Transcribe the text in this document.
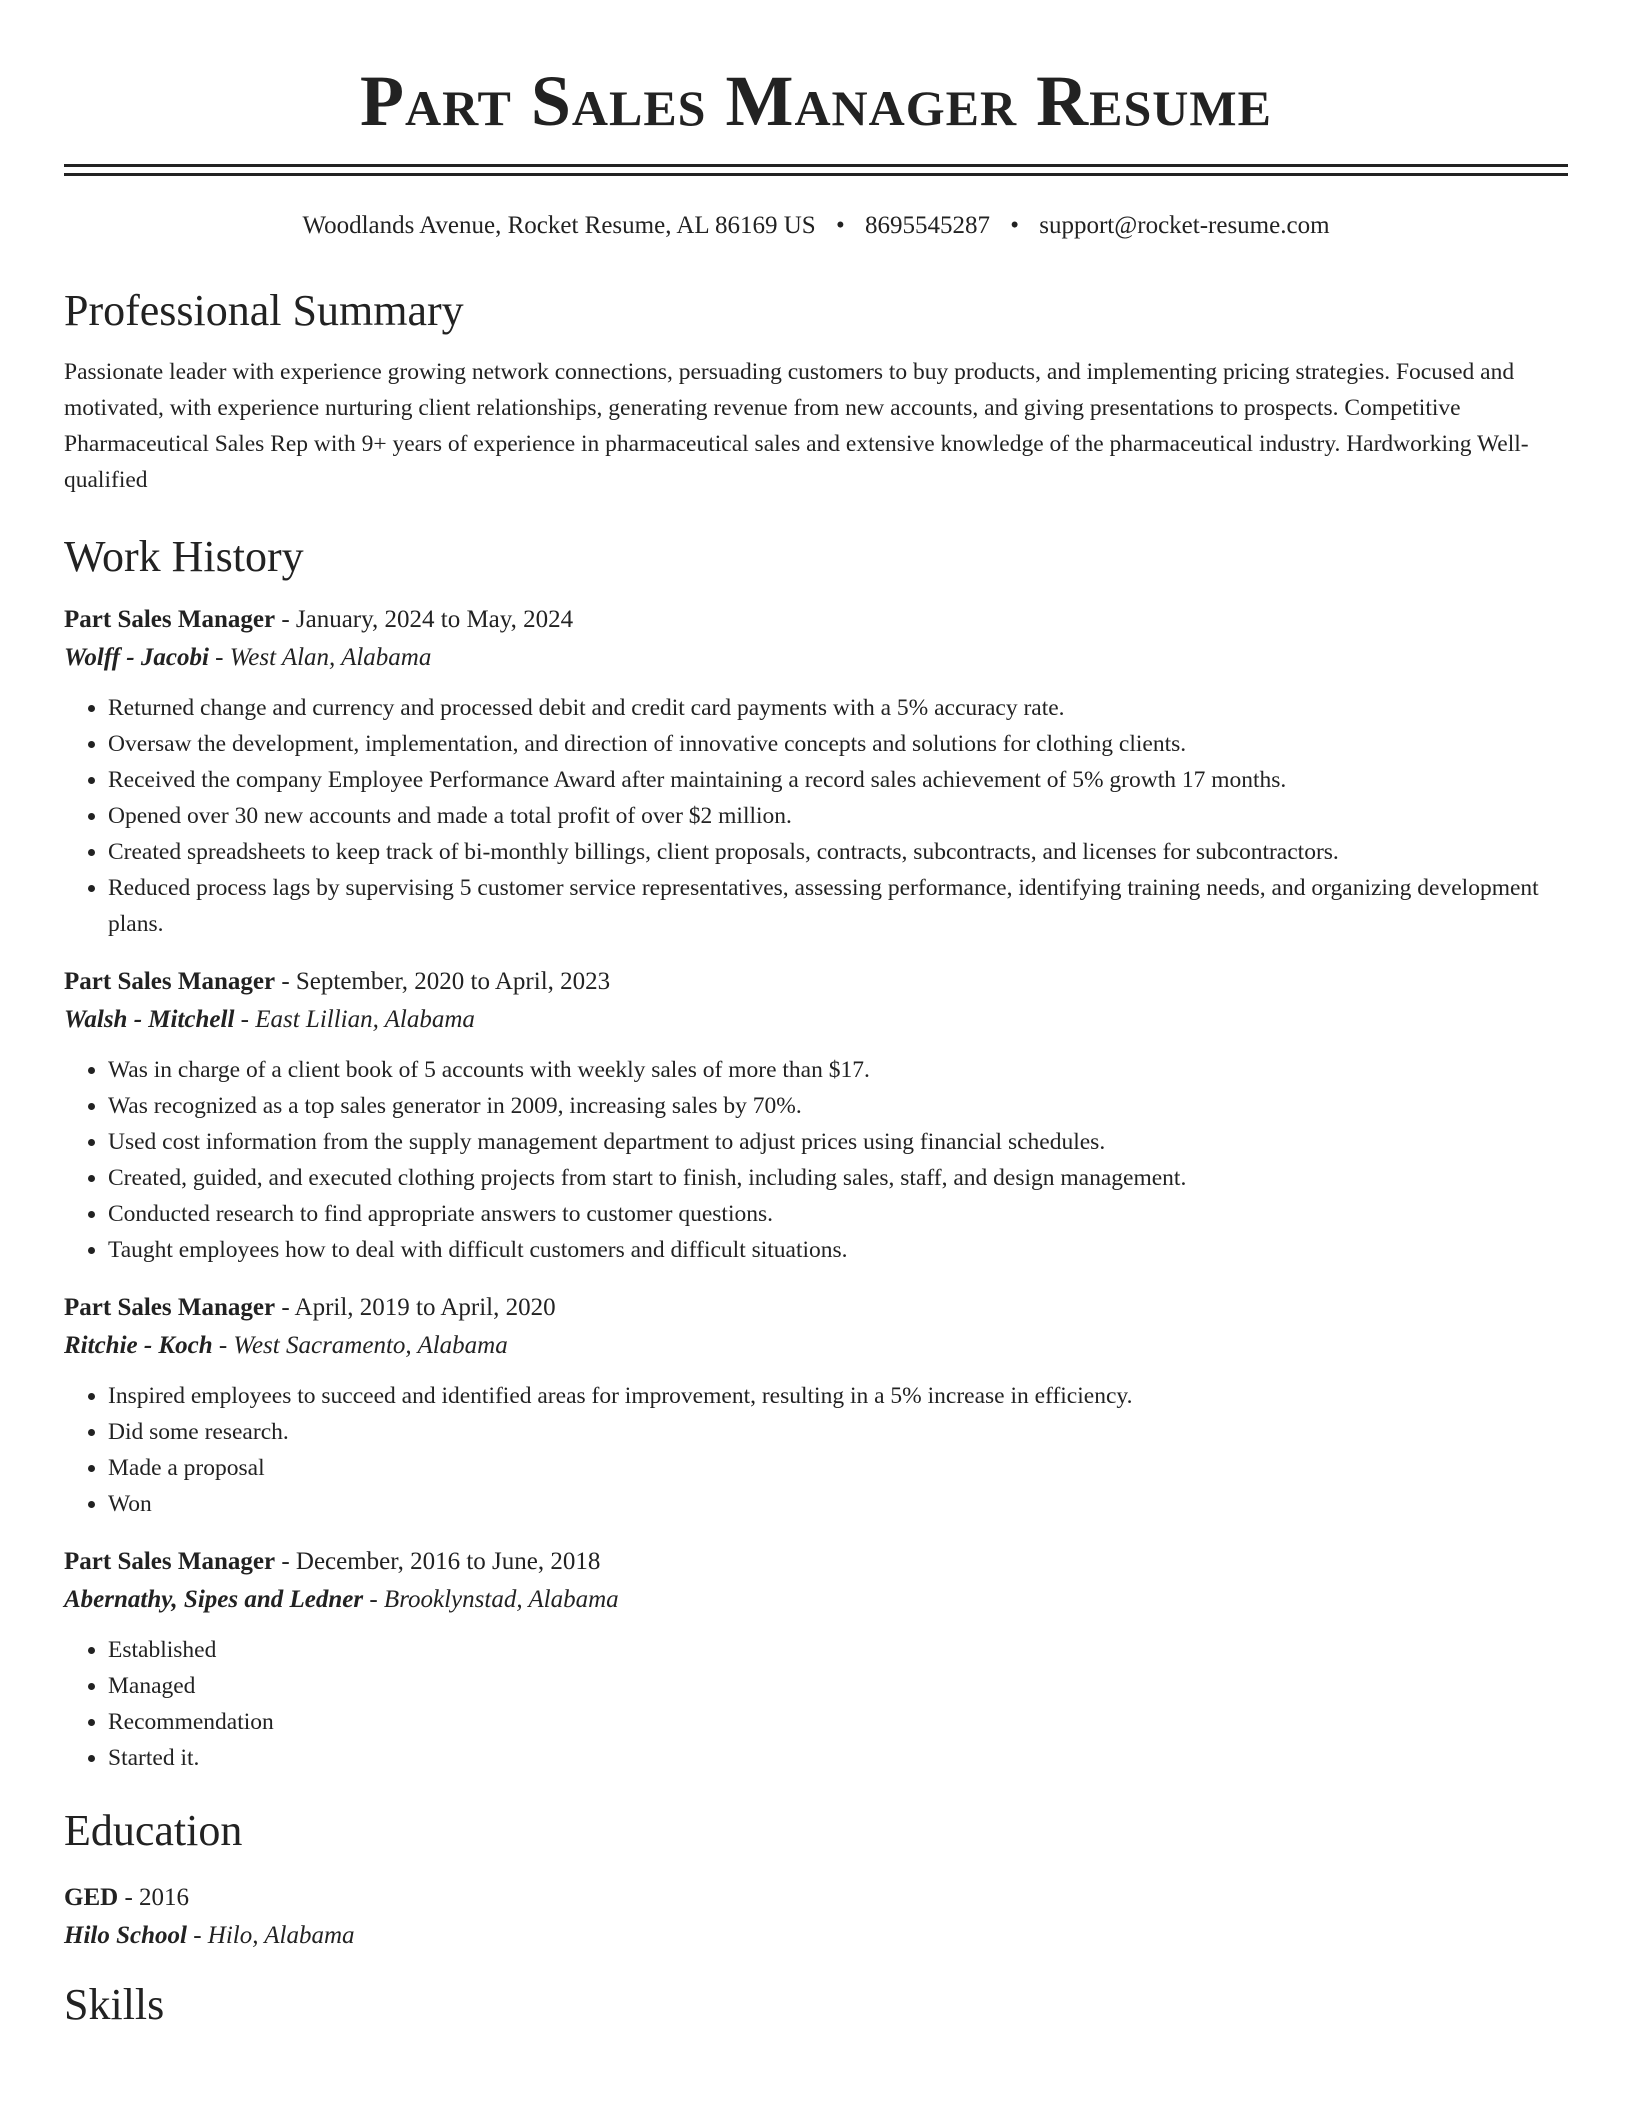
Part Sales Manager Resume
Woodlands Avenue, Rocket Resume, AL 86169 US • 8695545287 • support@rocket-resume.com
Professional Summary
Passionate leader with experience growing network connections, persuading customers to buy products, and implementing pricing strategies. Focused and motivated, with experience nurturing client relationships, generating revenue from new accounts, and giving presentations to prospects. Competitive Pharmaceutical Sales Rep with 9+ years of experience in pharmaceutical sales and extensive knowledge of the pharmaceutical industry. Hardworking Well-qualified
Work History
Part Sales Manager - January, 2024 to May, 2024
Wolff - Jacobi - West Alan, Alabama
• Returned change and currency and processed debit and credit card payments with a 5% accuracy rate.
• Oversaw the development, implementation, and direction of innovative concepts and solutions for clothing clients.
• Received the company Employee Performance Award after maintaining a record sales achievement of 5% growth 17 months.
• Opened over 30 new accounts and made a total profit of over $2 million.
• Created spreadsheets to keep track of bi-monthly billings, client proposals, contracts, subcontracts, and licenses for subcontractors.
• Reduced process lags by supervising 5 customer service representatives, assessing performance, identifying training needs, and organizing development plans.
Part Sales Manager - September, 2020 to April, 2023
Walsh - Mitchell - East Lillian, Alabama
• Was in charge of a client book of 5 accounts with weekly sales of more than $17.
• Was recognized as a top sales generator in 2009, increasing sales by 70%.
• Used cost information from the supply management department to adjust prices using financial schedules.
• Created, guided, and executed clothing projects from start to finish, including sales, staff, and design management.
• Conducted research to find appropriate answers to customer questions.
• Taught employees how to deal with difficult customers and difficult situations.
Part Sales Manager - April, 2019 to April, 2020
Ritchie - Koch - West Sacramento, Alabama
• Inspired employees to succeed and identified areas for improvement, resulting in a 5% increase in efficiency.
• Did some research.
• Made a proposal
• Won
Part Sales Manager - December, 2016 to June, 2018
Abernathy, Sipes and Ledner - Brooklynstad, Alabama
• Established
• Managed
• Recommendation
• Started it.
Education
GED - 2016
Hilo School - Hilo, Alabama
Skills
